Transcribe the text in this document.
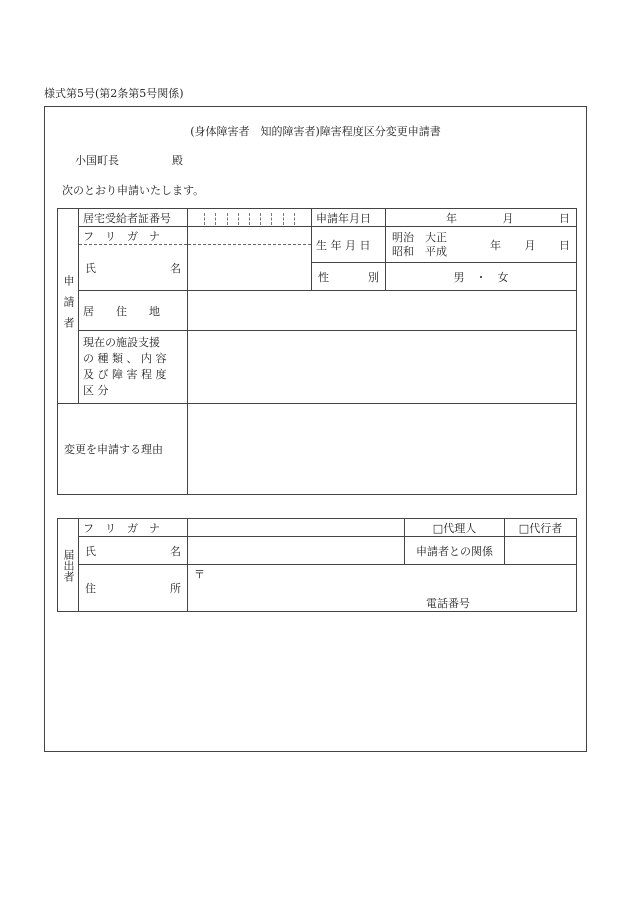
様式第5号(第2条第5号関係)
(身体障害者　知的障害者)障害程度区分変更申請書
小国町長	殿
次のとおり申請いたします。
申請者	居宅受給者証番号		申請年月日	年 月 日

	フ　リ　ガ　ナ		生 年 月 日	明治　大正
昭和　平成 年 月 日

	氏 名			

			性 別	男　・　女
	居　　住　　地			

	現在の施設支援
の 種 類 、 内 容
及 び 障 害 程 度
区 分			

変更を申請する理由				
届出者	フ　リ　ガ　ナ		□代理人	□代行者

	氏 名		申請者との関係	

	住 所	〒
電話番号		
